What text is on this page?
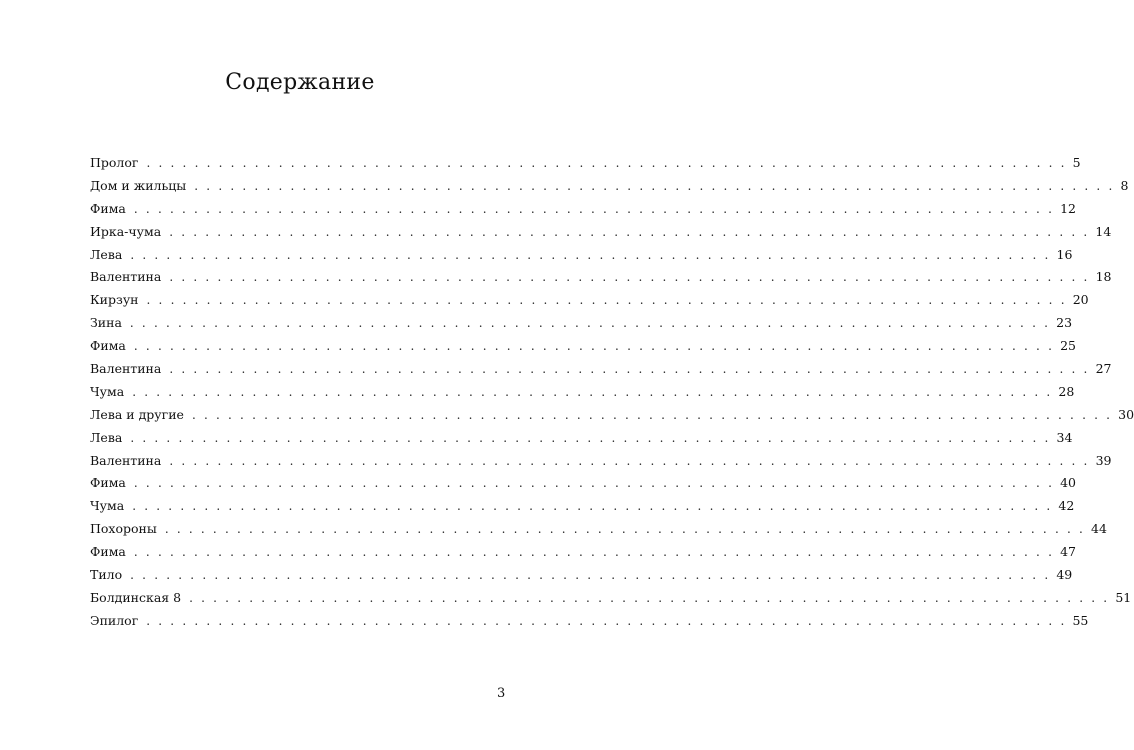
Содержание
Пролог . . . . . . . . . . . . . . . . . . . . . . . . . . . . . . . . . . . . . . . . . . . . . . . . . . . . . . . . . . . . . . . . . . . . . . . . . . . . . 5
Дом и жильцы . . . . . . . . . . . . . . . . . . . . . . . . . . . . . . . . . . . . . . . . . . . . . . . . . . . . . . . . . . . . . . . . . . . . . . . . . . . . . 8
Фима . . . . . . . . . . . . . . . . . . . . . . . . . . . . . . . . . . . . . . . . . . . . . . . . . . . . . . . . . . . . . . . . . . . . . . . . . . . . . 12
Ирка-чума . . . . . . . . . . . . . . . . . . . . . . . . . . . . . . . . . . . . . . . . . . . . . . . . . . . . . . . . . . . . . . . . . . . . . . . . . . . . . 14
Лева . . . . . . . . . . . . . . . . . . . . . . . . . . . . . . . . . . . . . . . . . . . . . . . . . . . . . . . . . . . . . . . . . . . . . . . . . . . . . 16
Валентина . . . . . . . . . . . . . . . . . . . . . . . . . . . . . . . . . . . . . . . . . . . . . . . . . . . . . . . . . . . . . . . . . . . . . . . . . . . . . 18
Кирзун . . . . . . . . . . . . . . . . . . . . . . . . . . . . . . . . . . . . . . . . . . . . . . . . . . . . . . . . . . . . . . . . . . . . . . . . . . . . . 20
Зина . . . . . . . . . . . . . . . . . . . . . . . . . . . . . . . . . . . . . . . . . . . . . . . . . . . . . . . . . . . . . . . . . . . . . . . . . . . . . 23
Фима . . . . . . . . . . . . . . . . . . . . . . . . . . . . . . . . . . . . . . . . . . . . . . . . . . . . . . . . . . . . . . . . . . . . . . . . . . . . . 25
Валентина . . . . . . . . . . . . . . . . . . . . . . . . . . . . . . . . . . . . . . . . . . . . . . . . . . . . . . . . . . . . . . . . . . . . . . . . . . . . . 27
Чума . . . . . . . . . . . . . . . . . . . . . . . . . . . . . . . . . . . . . . . . . . . . . . . . . . . . . . . . . . . . . . . . . . . . . . . . . . . . . 28
Лева и другие . . . . . . . . . . . . . . . . . . . . . . . . . . . . . . . . . . . . . . . . . . . . . . . . . . . . . . . . . . . . . . . . . . . . . . . . . . . . . 30
Лева . . . . . . . . . . . . . . . . . . . . . . . . . . . . . . . . . . . . . . . . . . . . . . . . . . . . . . . . . . . . . . . . . . . . . . . . . . . . . 34
Валентина . . . . . . . . . . . . . . . . . . . . . . . . . . . . . . . . . . . . . . . . . . . . . . . . . . . . . . . . . . . . . . . . . . . . . . . . . . . . . 39
Фима . . . . . . . . . . . . . . . . . . . . . . . . . . . . . . . . . . . . . . . . . . . . . . . . . . . . . . . . . . . . . . . . . . . . . . . . . . . . . 40
Чума . . . . . . . . . . . . . . . . . . . . . . . . . . . . . . . . . . . . . . . . . . . . . . . . . . . . . . . . . . . . . . . . . . . . . . . . . . . . . 42
Похороны . . . . . . . . . . . . . . . . . . . . . . . . . . . . . . . . . . . . . . . . . . . . . . . . . . . . . . . . . . . . . . . . . . . . . . . . . . . . . 44
Фима . . . . . . . . . . . . . . . . . . . . . . . . . . . . . . . . . . . . . . . . . . . . . . . . . . . . . . . . . . . . . . . . . . . . . . . . . . . . . 47
Тило . . . . . . . . . . . . . . . . . . . . . . . . . . . . . . . . . . . . . . . . . . . . . . . . . . . . . . . . . . . . . . . . . . . . . . . . . . . . . 49
Болдинская 8 . . . . . . . . . . . . . . . . . . . . . . . . . . . . . . . . . . . . . . . . . . . . . . . . . . . . . . . . . . . . . . . . . . . . . . . . . . . . . 51
Эпилог . . . . . . . . . . . . . . . . . . . . . . . . . . . . . . . . . . . . . . . . . . . . . . . . . . . . . . . . . . . . . . . . . . . . . . . . . . . . . 55
3
